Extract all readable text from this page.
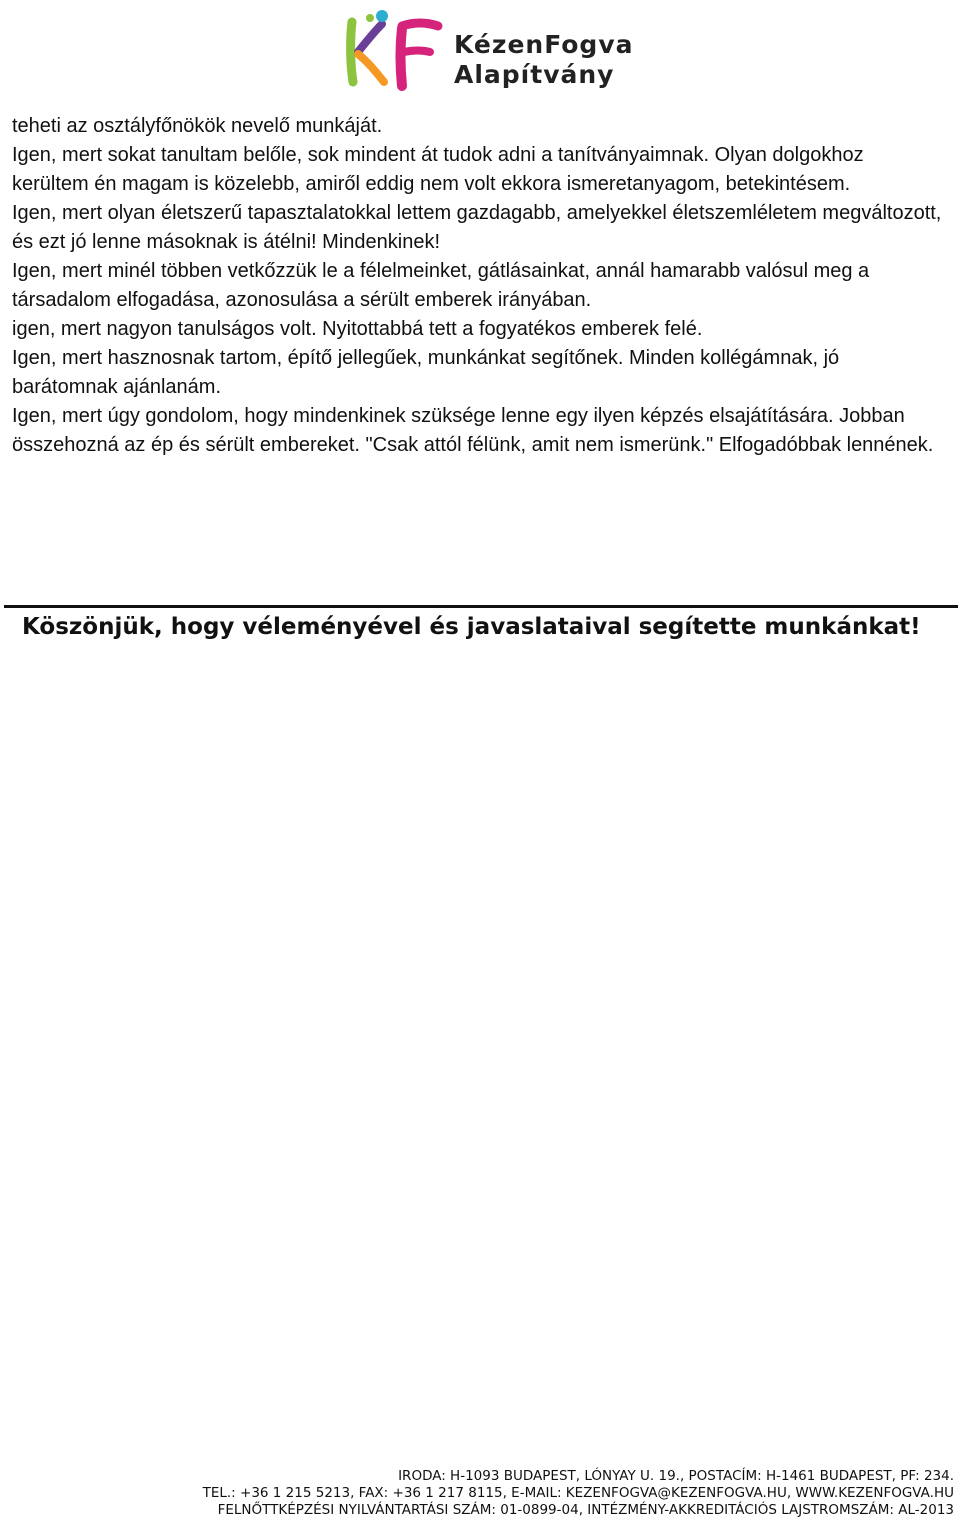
KézenFogva
Alapítvány

teheti az osztályfőnökök nevelő munkáját.

Igen, mert sokat tanultam belőle, sok mindent át tudok adni a tanítványaimnak. Olyan dolgokhoz kerültem én magam is közelebb, amiről eddig nem volt ekkora ismeretanyagom, betekintésem.

Igen, mert olyan életszerű tapasztalatokkal lettem gazdagabb, amelyekkel életszemléletem megváltozott, és ezt jó lenne másoknak is átélni! Mindenkinek!

Igen, mert minél többen vetkőzzük le a félelmeinket, gátlásainkat, annál hamarabb valósul meg a társadalom elfogadása, azonosulása a sérült emberek irányában.

igen, mert nagyon tanulságos volt. Nyitottabbá tett a fogyatékos emberek felé.

Igen, mert hasznosnak tartom, építő jellegűek, munkánkat segítőnek. Minden kollégámnak, jó barátomnak ajánlanám.

Igen, mert úgy gondolom, hogy mindenkinek szüksége lenne egy ilyen képzés elsajátítására. Jobban összehozná az ép és sérült embereket. "Csak attól félünk, amit nem ismerünk." Elfogadóbbak lennének.

Köszönjük, hogy véleményével és javaslataival segítette munkánkat!
IRODA: H-1093 BUDAPEST, LÓNYAY U. 19., POSTACÍM: H-1461 BUDAPEST, PF: 234.
TEL.: +36 1 215 5213, FAX: +36 1 217 8115, E-MAIL: KEZENFOGVA@KEZENFOGVA.HU, WWW.KEZENFOGVA.HU
FELNŐTTKÉPZÉSI NYILVÁNTARTÁSI SZÁM: 01-0899-04, INTÉZMÉNY-AKKREDITÁCIÓS LAJSTROMSZÁM: AL-2013
